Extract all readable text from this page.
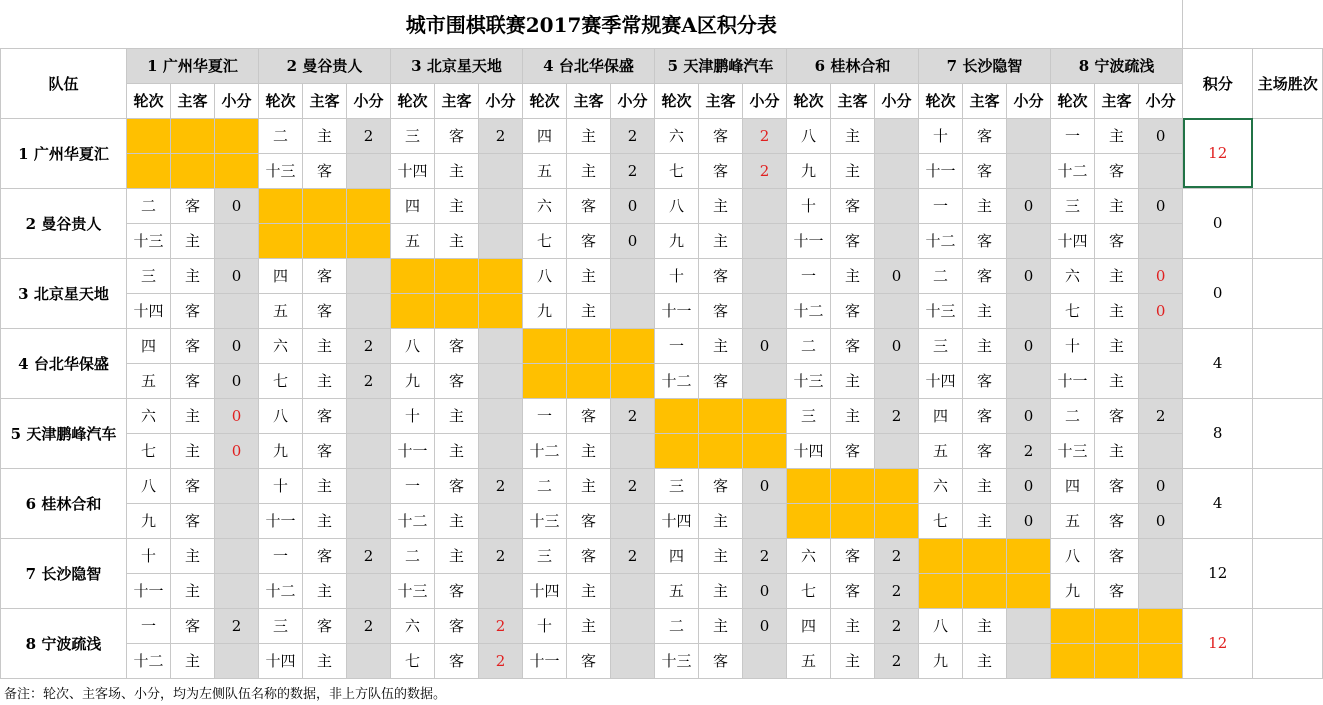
城市围棋联赛2017赛季常规赛A区积分表																										
队伍	1 广州华夏汇			2 曼谷贵人			3 北京星天地			4 台北华保盛			5 天津鹏峰汽车			6 桂林合和			7 长沙隐智			8 宁波疏浅			积分	主场胜次
	轮次	主客	小分	轮次	主客	小分	轮次	主客	小分	轮次	主客	小分	轮次	主客	小分	轮次	主客	小分	轮次	主客	小分	轮次	主客	小分		
1 广州华夏汇				二	主	2	三	客	2	四	主	2	六	客	2	八	主		十	客		一	主	0	12	
				十三	客		十四	主		五	主	2	七	客	2	九	主		十一	客		十二	客			
2 曼谷贵人	二	客	0				四	主		六	客	0	八	主		十	客		一	主	0	三	主	0	0	
	十三	主					五	主		七	客	0	九	主		十一	客		十二	客		十四	客			
3 北京星天地	三	主	0	四	客					八	主		十	客		一	主	0	二	客	0	六	主	0	0	
	十四	客		五	客					九	主		十一	客		十二	客		十三	主		七	主	0		
4 台北华保盛	四	客	0	六	主	2	八	客					一	主	0	二	客	0	三	主	0	十	主		4	
	五	客	0	七	主	2	九	客					十二	客		十三	主		十四	客		十一	主			
5 天津鹏峰汽车	六	主	0	八	客		十	主		一	客	2				三	主	2	四	客	0	二	客	2	8	
	七	主	0	九	客		十一	主		十二	主					十四	客		五	客	2	十三	主			
6 桂林合和	八	客		十	主		一	客	2	二	主	2	三	客	0				六	主	0	四	客	0	4	
	九	客		十一	主		十二	主		十三	客		十四	主					七	主	0	五	客	0		
7 长沙隐智	十	主		一	客	2	二	主	2	三	客	2	四	主	2	六	客	2				八	客		12	
	十一	主		十二	主		十三	客		十四	主		五	主	0	七	客	2				九	客			
8 宁波疏浅	一	客	2	三	客	2	六	客	2	十	主		二	主	0	四	主	2	八	主					12	
	十二	主		十四	主		七	客	2	十一	客		十三	客		五	主	2	九	主						
备注：轮次、主客场、小分，均为左侧队伍名称的数据，非上方队伍的数据。
